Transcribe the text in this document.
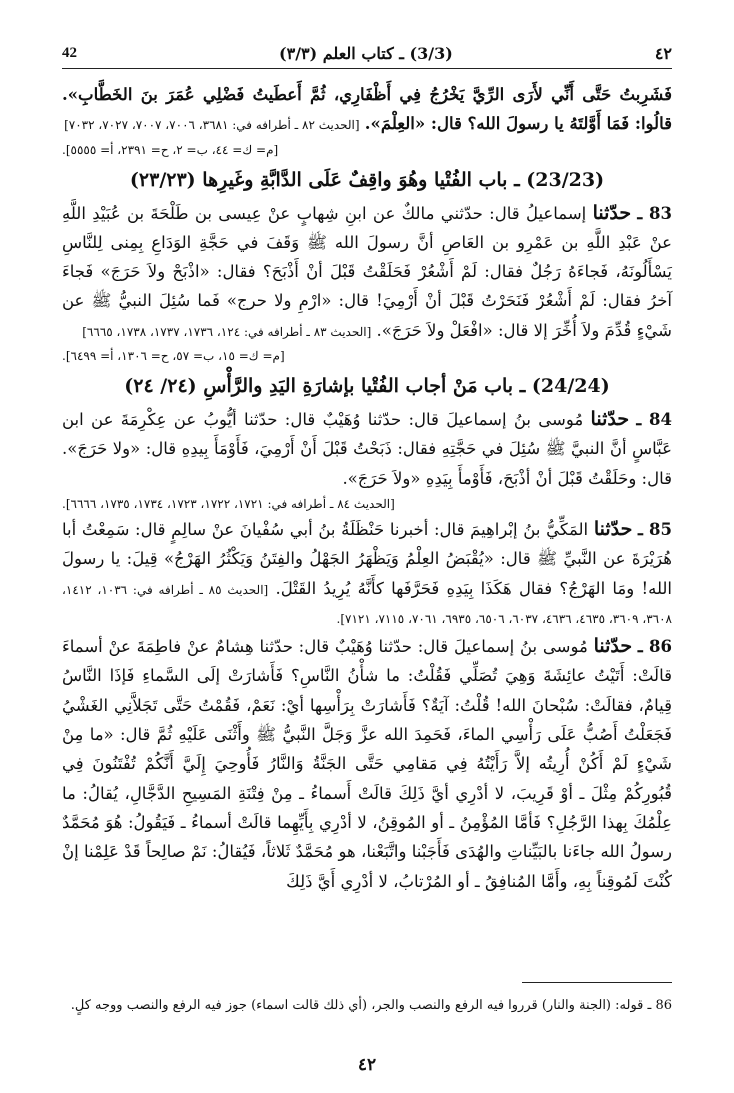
42	(3/3) ـ كتاب العلم (٣/٣)	٤٢

فَشَرِبتُ حَتَّى أَنِّي لأَرَى الرِّيَّ يَخْرُجُ فِي أَظْفَارِي، ثُمَّ أَعطَيتُ فَضْلِي عُمَرَ بنَ الخَطَّابِ». قالُوا: فَمَا أَوَّلتَهُ يا رسولَ الله؟ قال: «العِلْمَ». [الحديث ٨٢ ـ أطرافه في: ٣٦٨١، ٧٠٠٦، ٧٠٠٧، ٧٠٢٧، ٧٠٣٢]

[م= ك= ٤٤، ب= ٢، ح= ٢٣٩١، أ= ٥٥٥٥].

(23/23) ـ باب الفُتْيا وهُوَ واقِفٌ عَلَى الدَّابَّةِ وغَيرِها (٢٣/٢٣)

83 ـ حدّثنا إسماعيلُ قال: حدّثني مالكٌ عن ابنِ شِهابٍ عنْ عِيسى بن طَلْحَةَ بن عُبَيْدِ اللَّهِ عنْ عَبْدِ اللَّهِ بن عَمْرِو بن العَاصِ أنَّ رسولَ الله ﷺ وَقَفَ في حَجَّةِ الوَدَاعِ بِمِنى لِلنَّاسِ يَسْأَلُونَهُ، فَجاءَهُ رَجُلٌ فقال: لَمْ أَشْعُرْ فَحَلَقْتُ قَبْلَ أنْ أَذْبَحَ؟ فقال: «اذْبَحْ ولاَ حَرَجَ» فَجاءَ آخرُ فقال: لَمْ أَشْعُرْ فَنَحَرْتُ قَبْلَ أنْ أَرْمِيَ! قال: «ارْمِ ولا حرج» فَما سُئِلَ النبيُّ ﷺ عن شَيْءٍ قُدِّمَ ولاَ أُخِّرَ إلا قال: «افْعَلْ ولاَ حَرَجَ». [الحديث ٨٣ ـ أطرافه في: ١٢٤، ١٧٣٦، ١٧٣٧، ١٧٣٨، ٦٦٦٥]

[م= ك= ١٥، ب= ٥٧، ح= ١٣٠٦، أ= ٦٤٩٩].

(24/24) ـ باب مَنْ أجاب الفُتْيا بإشارَةِ اليَدِ والرَّأْسِ (٢٤/ ٢٤)

84 ـ حدّثنا مُوسى بنُ إسماعيلَ قال: حدّثنا وُهَيْبٌ قال: حدّثنا أيُّوبُ عن عِكْرِمَةَ عن ابن عَبَّاسٍ أنَّ النبيَّ ﷺ سُئِلَ في حَجَّتِهِ فقال: ذَبَحْتُ قَبْلَ أَنْ أَرْمِيَ، فَأَوْمَأَ بِيدِهِ قال: «ولا حَرَجَ». قال: وحَلَقْتُ قَبْلَ أنْ أذْبَحَ، فَأَوْمأَ بِيَدِهِ «ولاَ حَرَجَ».

[الحديث ٨٤ ـ أطرافه في: ١٧٢١، ١٧٢٢، ١٧٢٣، ١٧٣٤، ١٧٣٥، ٦٦٦٦].

85 ـ حدّثنا المَكِّيُّ بنُ إبْراهِيمَ قال: أخبرنا حَنْظَلَةُ بنُ أبي سُفْيانَ عنْ سالِمٍ قال: سَمِعْتُ أبا هُرَيْرَةَ عن النَّبيِّ ﷺ قال: «يُقْبَضُ العِلْمُ وَيَظْهَرُ الجَهْلُ والفِتَنُ وَيَكْثُرُ الهَرْجُ» قِيلَ: يا رسولَ الله! ومَا الهَرْجُ؟ فقال هَكَذَا بِيَدِهِ فَحَرَّفَها كأَنَّهُ يُرِيدُ القَتْلَ. [الحديث ٨٥ ـ أطرافه في: ١٠٣٦، ١٤١٢، ٣٦٠٨، ٣٦٠٩، ٤٦٣٥، ٤٦٣٦، ٦٠٣٧، ٦٥٠٦، ٦٩٣٥، ٧٠٦١، ٧١١٥، ٧١٢١].

86 ـ حدّثنا مُوسى بنُ إسماعيلَ قال: حدّثنا وُهَيْبٌ قال: حدّثنا هِشامٌ عنْ فاطِمَةَ عنْ أسماءَ قالَتْ: أَتَيْتُ عائِشَةَ وَهِيَ تُصَلِّي فَقُلْتُ: ما شأْنُ النَّاسِ؟ فَأَشارَتْ إلَى السَّماءِ فَإذَا النَّاسُ قِيامٌ، فقالَتْ: سُبْحانَ الله! قُلْتُ: آيَةٌ؟ فَأَشارَتْ بِرَأْسِها أيْ: نَعَمْ، فَقُمْتُ حَتَّى تَجَلاَّنِي الغَشْيُ فَجَعَلْتُ أَصُبُّ عَلَى رَأْسِي الماءَ، فَحَمِدَ الله عزَّ وَجَلَّ النَّبيُّ ﷺ وأَثْنَى عَلَيْهِ ثُمَّ قال: «ما مِنْ شَيْءٍ لَمْ أَكُنْ أُرِيتُه إلاَّ رَأَيْتُهُ فِي مَقامِي حَتَّى الجَنَّةُ وَالنَّارُ فَأُوحِيَ إِلَيَّ أَنَّكُمْ تُفْتَنُونَ فِي قُبُورِكُمْ مِثْلَ ـ أوْ قَرِيبَ، لا أدْرِي أيَّ ذَلِكَ قالَتْ أَسماءُ ـ مِنْ فِتْنَةِ المَسِيحِ الدَّجَّالِ، يُقالُ: ما عِلْمُكَ بِهذا الرَّجُلِ؟ فَأمَّا المُؤْمِنُ ـ أو المُوقِنُ، لا أدْرِي بِأَيِّهِما قالَتْ أسماءُ ـ فَيَقُولُ: هُوَ مُحَمَّدٌ رسولُ الله جاءَنا بالبَيِّناتِ والهُدَى فَأَجَبْنا واتَّبَعْنا، هو مُحَمَّدٌ ثَلاثاً، فَيُقالُ: نَمْ صالِحاً قَدْ عَلِمْنا إنْ كُنْتَ لَمُوقِناً بِهِ، وأَمَّا المُنافِقُ ـ أو المُرْتابُ، لا أدْرِي أَيَّ ذَلِكَ

86 ـ قوله: (الجنة والنار) قرروا فيه الرفع والنصب والجر، (أي ذلك قالت اسماء) جوز فيه الرفع والنصب ووجه كلٍ.
٤٢
